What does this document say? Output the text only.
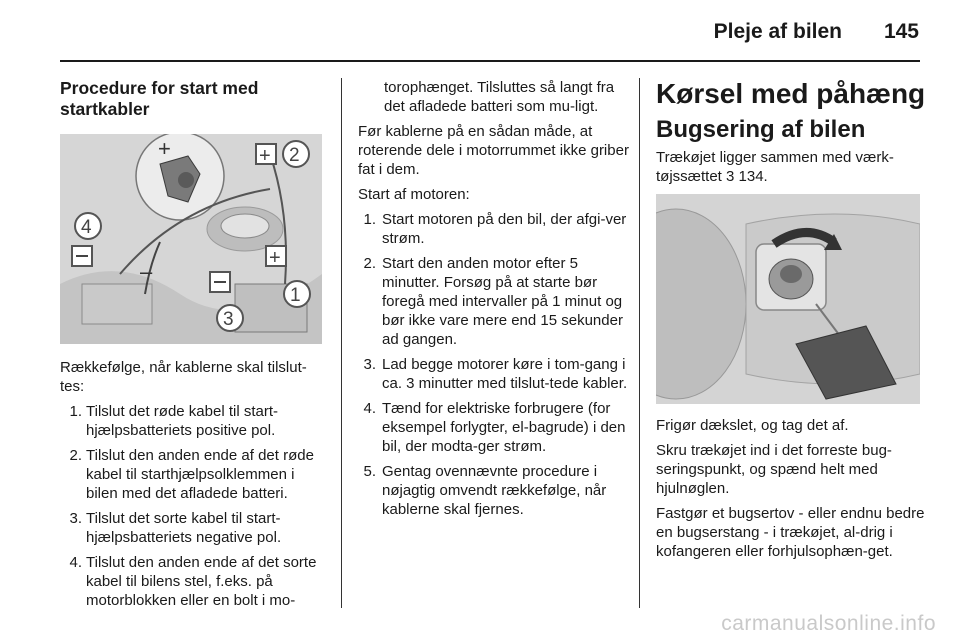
Pleje af bilen 145
Procedure for start med startkabler
+	+ 2
4
–
+
1
3

Rækkefølge, når kablerne skal tilslut-tes:

1. Tilslut det røde kabel til start-hjælpsbatteriets positive pol.
2. Tilslut den anden ende af det røde kabel til starthjælpsolklemmen i bilen med det afladede batteri.
3. Tilslut det sorte kabel til start-hjælpsbatteriets negative pol.
4. Tilslut den anden ende af det sorte kabel til bilens stel, f.eks. på motorblokken eller en bolt i mo-

torophænget. Tilsluttes så langt fra det afladede batteri som mu-ligt.

Før kablerne på en sådan måde, at roterende dele i motorrummet ikke griber fat i dem.

Start af motoren:

1. Start motoren på den bil, der afgi-ver strøm.
2. Start den anden motor efter 5 minutter. Forsøg på at starte bør foregå med intervaller på 1 minut og bør ikke vare mere end 15 sekunder ad gangen.
3. Lad begge motorer køre i tom-gang i ca. 3 minutter med tilslut-tede kabler.
4. Tænd for elektriske forbrugere (for eksempel forlygter, el-bagrude) i den bil, der modta-ger strøm.
5. Gentag ovennævnte procedure i nøjagtig omvendt rækkefølge, når kablerne skal fjernes.
Kørsel med påhæng
Bugsering af bilen

Trækøjet ligger sammen med værk-tøjssættet 3 134.

Frigør dækslet, og tag det af.

Skru trækøjet ind i det forreste bug-seringspunkt, og spænd helt med hjulnøglen.

Fastgør et bugsertov - eller endnu bedre en bugserstang - i trækøjet, al-drig i kofangeren eller forhjulsophæn-get.

carmanualsonline.info
